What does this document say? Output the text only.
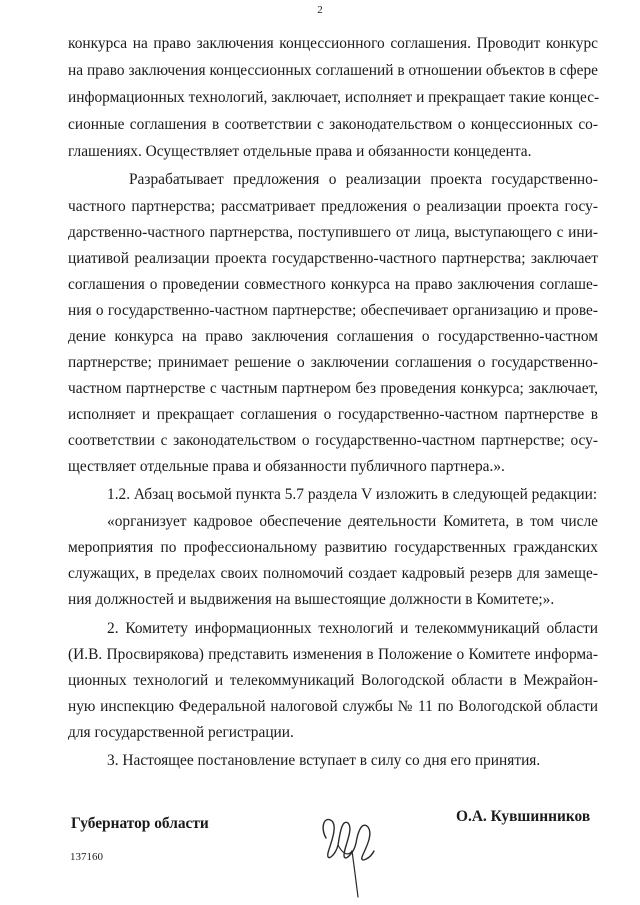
2
конкурса на право заключения концессионного соглашения. Проводит конкурс
на право заключения концессионных соглашений в отношении объектов в сфере
информационных технологий, заключает, исполняет и прекращает такие концес-
сионные соглашения в соответствии с законодательством о концессионных со-
глашениях. Осуществляет отдельные права и обязанности концедента.
Разрабатывает предложения о реализации проекта государственно-
частного партнерства; рассматривает предложения о реализации проекта госу-
дарственно-частного партнерства, поступившего от лица, выступающего с ини-
циативой реализации проекта государственно-частного партнерства; заключает
соглашения о проведении совместного конкурса на право заключения соглаше-
ния о государственно-частном партнерстве; обеспечивает организацию и прове-
дение конкурса на право заключения соглашения о государственно-частном
партнерстве; принимает решение о заключении соглашения о государственно-
частном партнерстве с частным партнером без проведения конкурса; заключает,
исполняет и прекращает соглашения о государственно-частном партнерстве в
соответствии с законодательством о государственно-частном партнерстве; осу-
ществляет отдельные права и обязанности публичного партнера.».
1.2. Абзац восьмой пункта 5.7 раздела V изложить в следующей редакции:
«организует кадровое обеспечение деятельности Комитета, в том числе
мероприятия по профессиональному развитию государственных гражданских
служащих, в пределах своих полномочий создает кадровый резерв для замеще-
ния должностей и выдвижения на вышестоящие должности в Комитете;».
2. Комитету информационных технологий и телекоммуникаций области
(И.В. Просвирякова) представить изменения в Положение о Комитете информа-
ционных технологий и телекоммуникаций Вологодской области в Межрайон-
ную инспекцию Федеральной налоговой службы № 11 по Вологодской области
для государственной регистрации.
3. Настоящее постановление вступает в силу со дня его принятия.
Губернатор области	О.А. Кувшинников
137160
